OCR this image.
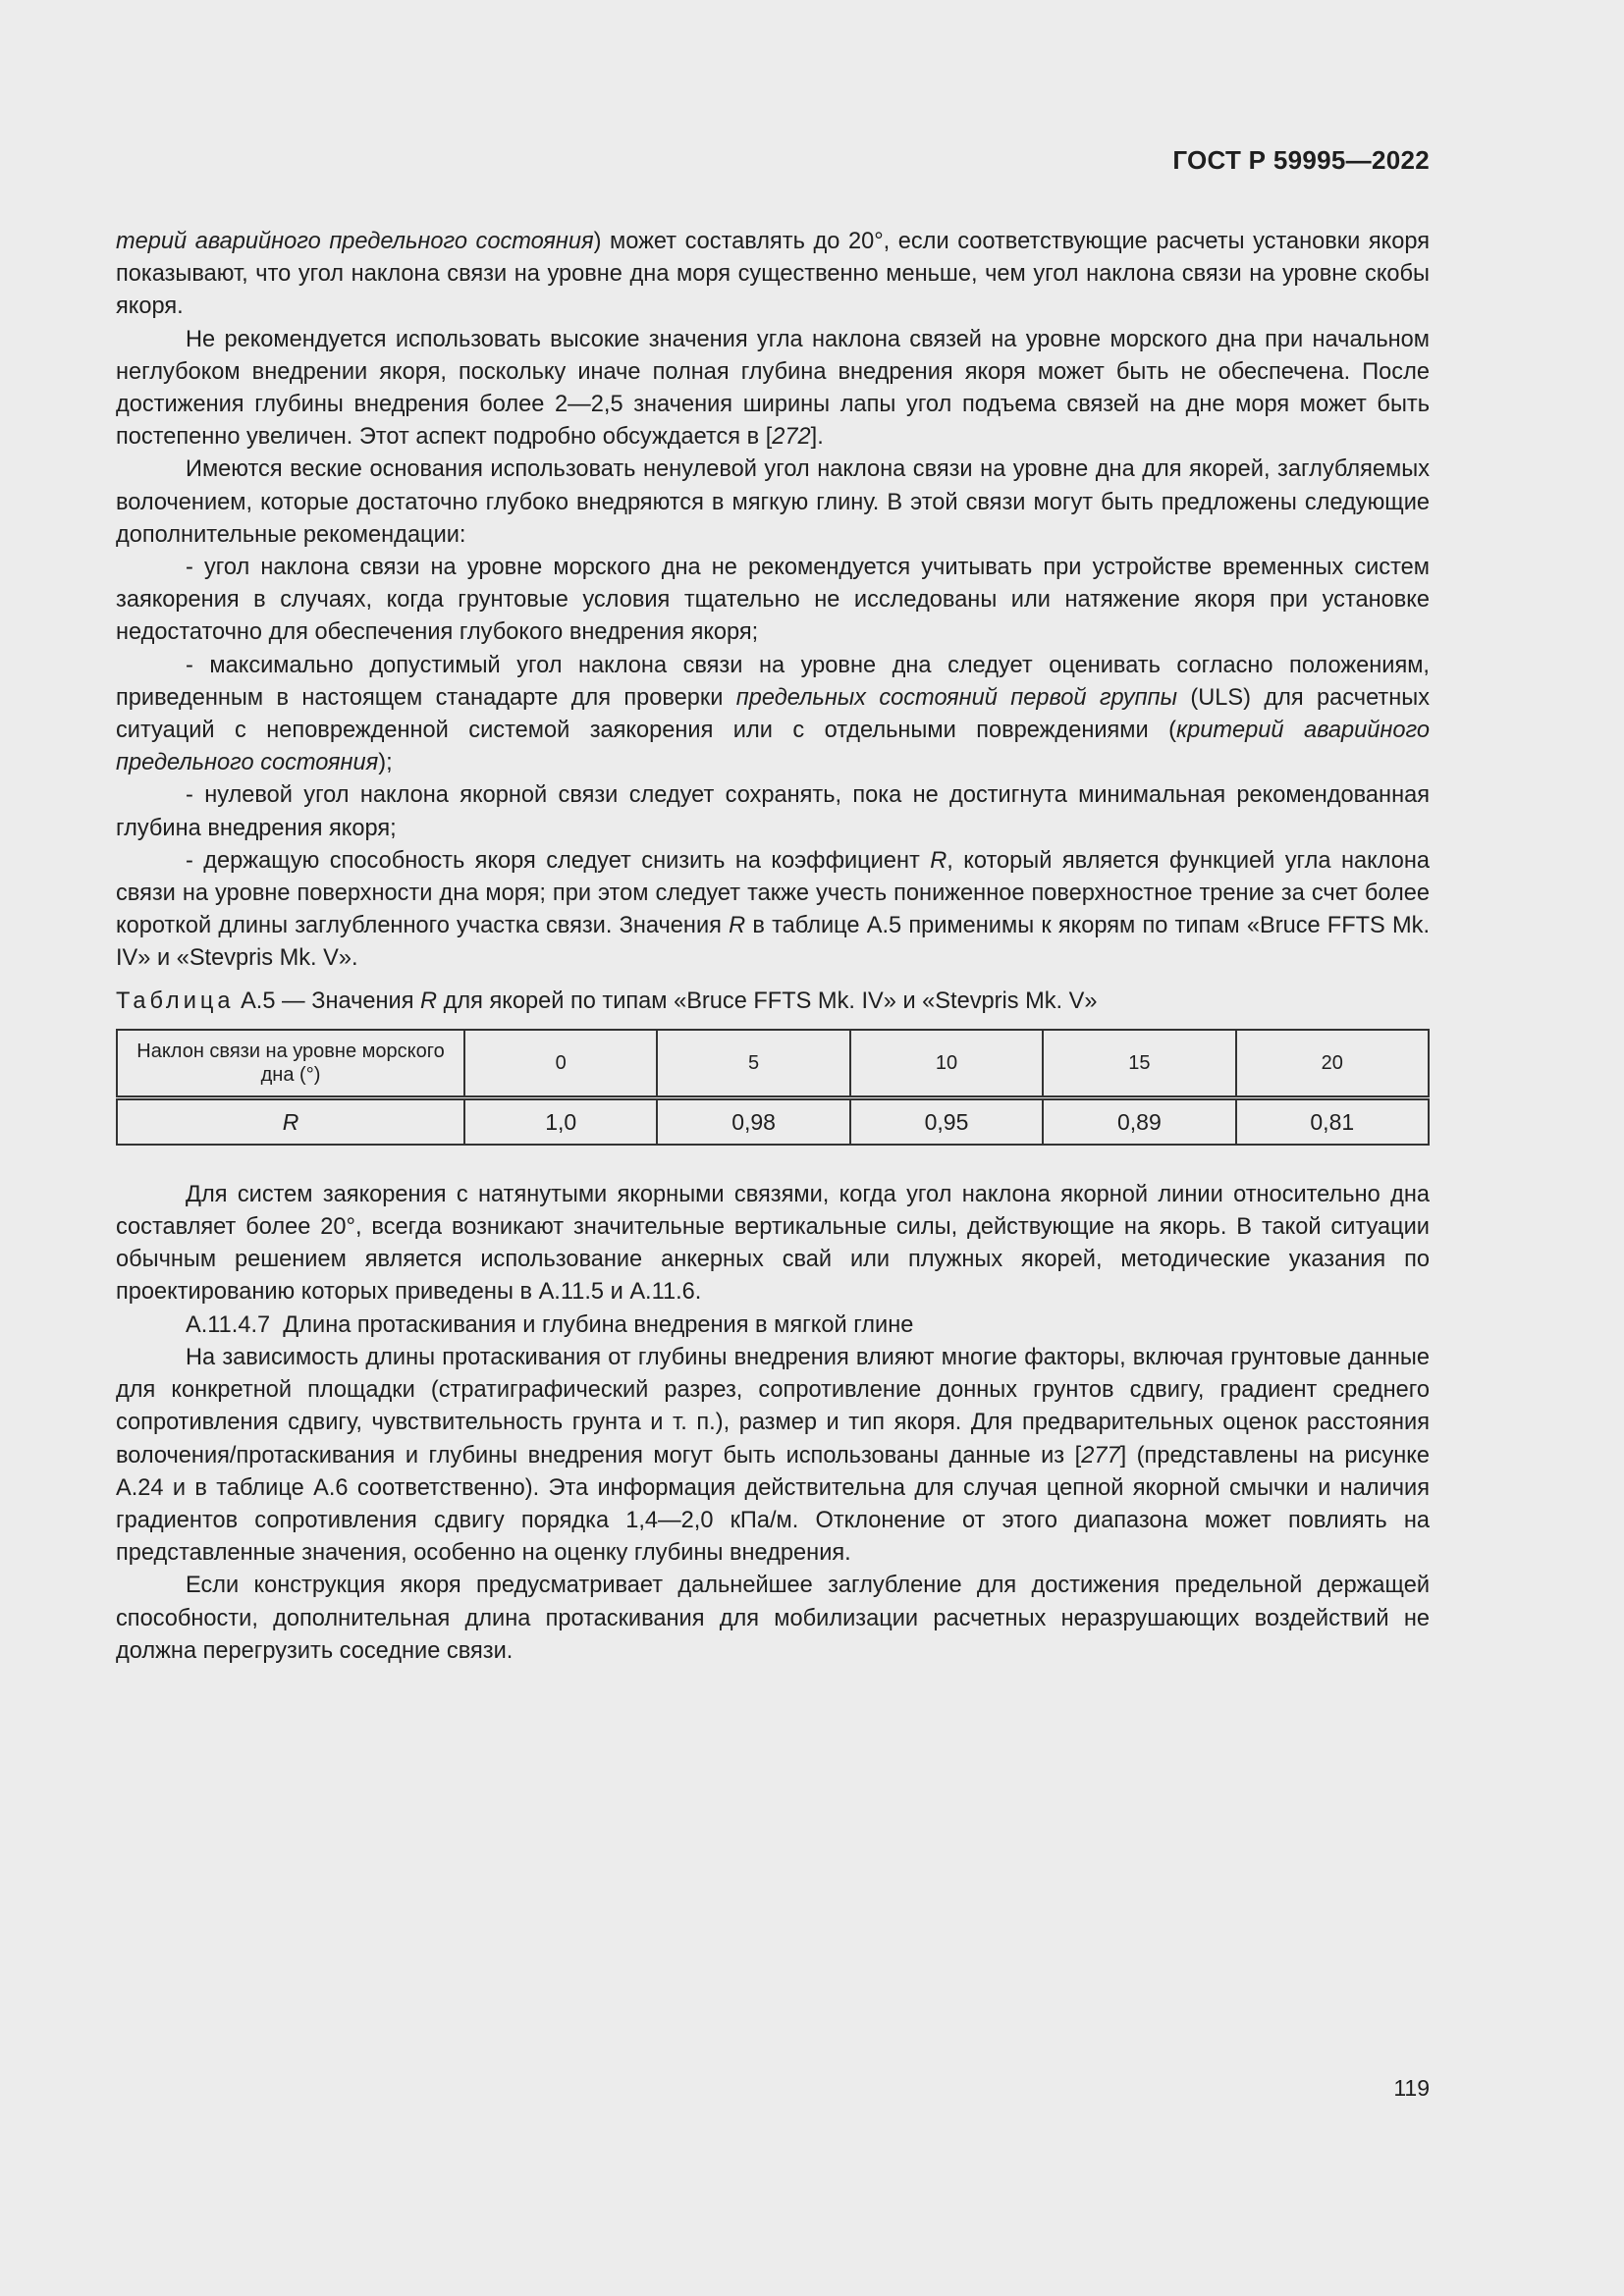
ГОСТ Р 59995—2022

терий аварийного предельного состояния) может составлять до 20°, если соответствующие расчеты установки якоря показывают, что угол наклона связи на уровне дна моря существенно меньше, чем угол наклона связи на уровне скобы якоря.

Не рекомендуется использовать высокие значения угла наклона связей на уровне морского дна при начальном неглубоком внедрении якоря, поскольку иначе полная глубина внедрения якоря может быть не обеспечена. После достижения глубины внедрения более 2—2,5 значения ширины лапы угол подъема связей на дне моря может быть постепенно увеличен. Этот аспект подробно обсуждается в [272].

Имеются веские основания использовать ненулевой угол наклона связи на уровне дна для якорей, заглубляемых волочением, которые достаточно глубоко внедряются в мягкую глину. В этой связи могут быть предложены следующие дополнительные рекомендации:

- угол наклона связи на уровне морского дна не рекомендуется учитывать при устройстве временных систем заякорения в случаях, когда грунтовые условия тщательно не исследованы или натяжение якоря при установке недостаточно для обеспечения глубокого внедрения якоря;

- максимально допустимый угол наклона связи на уровне дна следует оценивать согласно положениям, приведенным в настоящем станадарте для проверки предельных состояний первой группы (ULS) для расчетных ситуаций с неповрежденной системой заякорения или с отдельными повреждениями (критерий аварийного предельного состояния);

- нулевой угол наклона якорной связи следует сохранять, пока не достигнута минимальная рекомендованная глубина внедрения якоря;

- держащую способность якоря следует снизить на коэффициент R, который является функцией угла наклона связи на уровне поверхности дна моря; при этом следует также учесть пониженное поверхностное трение за счет более короткой длины заглубленного участка связи. Значения R в таблице А.5 применимы к якорям по типам «Bruce FFTS Mk. IV» и «Stevpris Mk. V».

Таблица А.5 — Значения R для якорей по типам «Bruce FFTS Mk. IV» и «Stevpris Mk. V»

Наклон связи на уровне морского дна (°)	0	5	10	15	20
R	1,0	0,98	0,95	0,89	0,81

Для систем заякорения с натянутыми якорными связями, когда угол наклона якорной линии относительно дна составляет более 20°, всегда возникают значительные вертикальные силы, действующие на якорь. В такой ситуации обычным решением является использование анкерных свай или плужных якорей, методические указания по проектированию которых приведены в А.11.5 и А.11.6.

А.11.4.7 Длина протаскивания и глубина внедрения в мягкой глине

На зависимость длины протаскивания от глубины внедрения влияют многие факторы, включая грунтовые данные для конкретной площадки (стратиграфический разрез, сопротивление донных грунтов сдвигу, градиент среднего сопротивления сдвигу, чувствительность грунта и т. п.), размер и тип якоря. Для предварительных оценок расстояния волочения/протаскивания и глубины внедрения могут быть использованы данные из [277] (представлены на рисунке А.24 и в таблице А.6 соответственно). Эта информация действительна для случая цепной якорной смычки и наличия градиентов сопротивления сдвигу порядка 1,4—2,0 кПа/м. Отклонение от этого диапазона может повлиять на представленные значения, особенно на оценку глубины внедрения.

Если конструкция якоря предусматривает дальнейшее заглубление для достижения предельной держащей способности, дополнительная длина протаскивания для мобилизации расчетных неразрушающих воздействий не должна перегрузить соседние связи.

119
